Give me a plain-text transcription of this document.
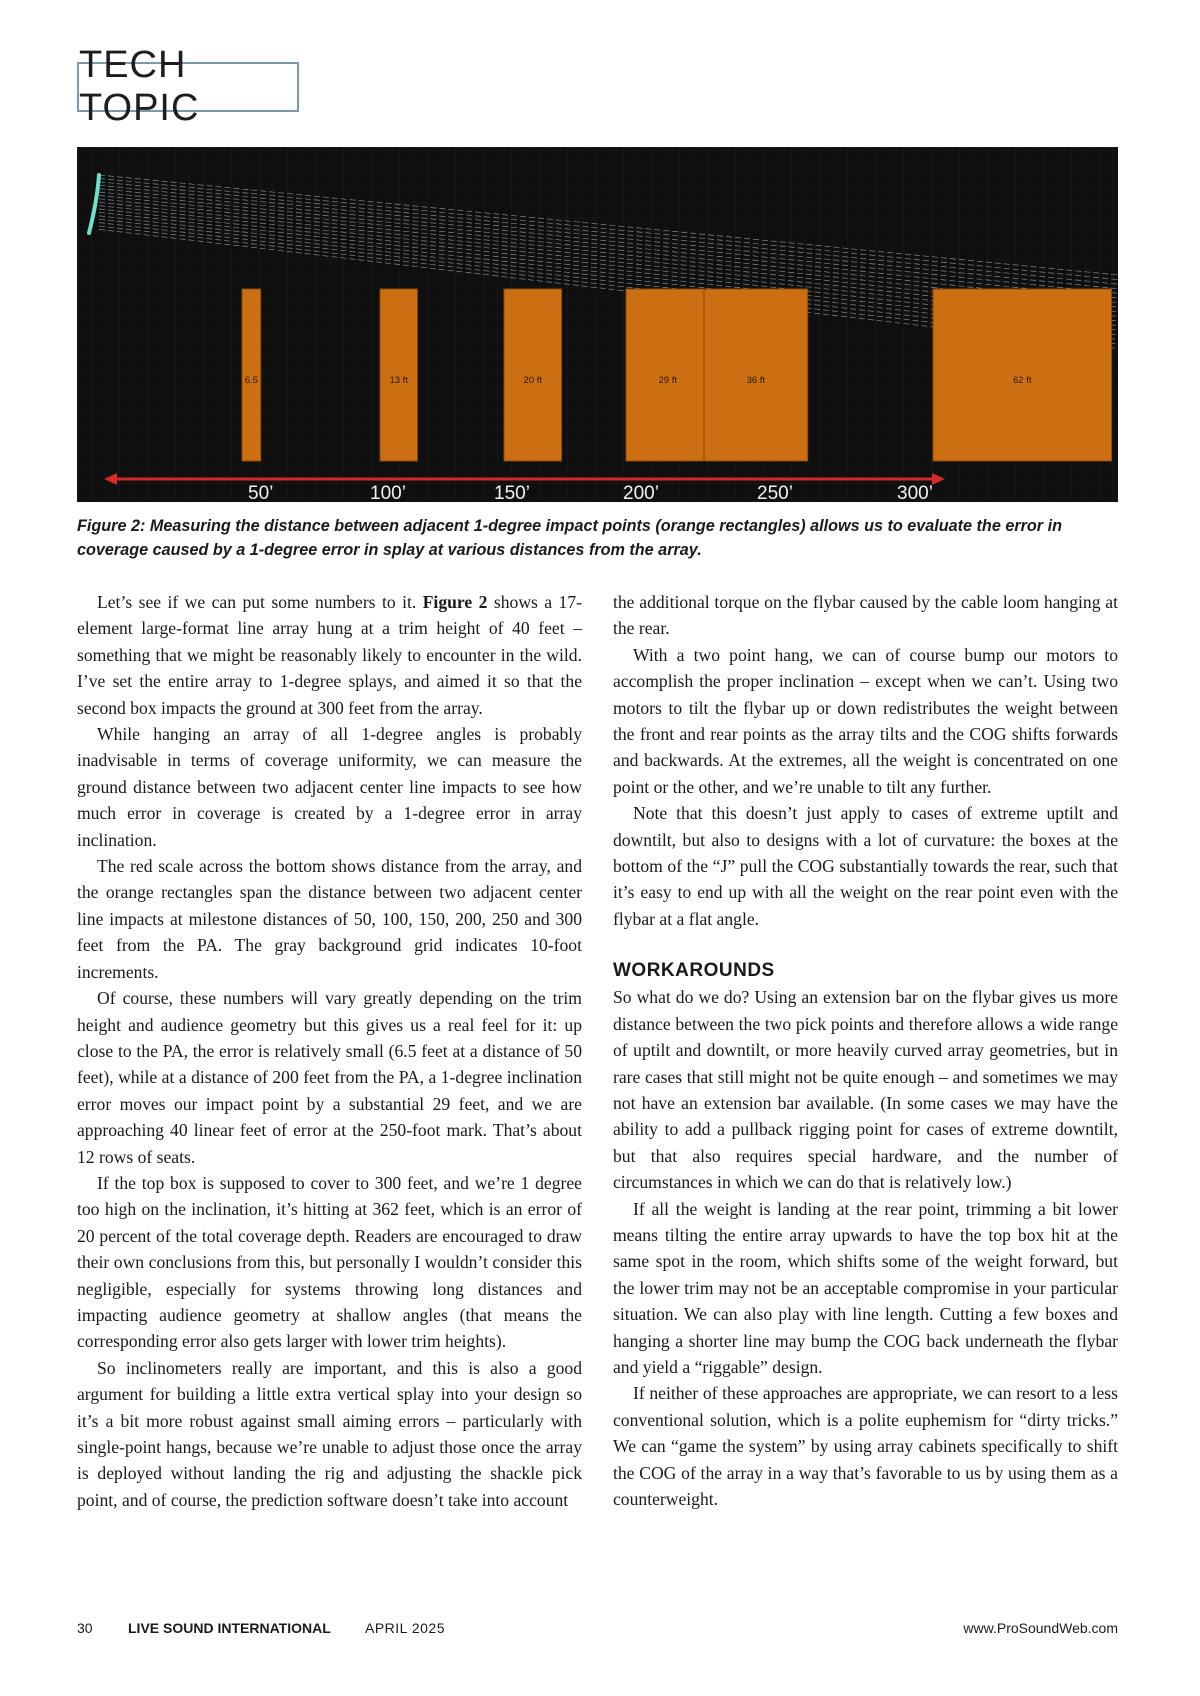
TECH TOPIC
6.5	13 ft	20 ft	29 ft	36 ft	62 ft
50’	100’	150’	200’	250’	300’

Figure 2: Measuring the distance between adjacent 1-degree impact points (orange rectangles) allows us to evaluate the error in coverage caused by a 1-degree error in splay at various distances from the array.

Let’s see if we can put some numbers to it. Figure 2 shows a 17-element large-format line array hung at a trim height of 40 feet – something that we might be reasonably likely to encounter in the wild. I’ve set the entire array to 1-degree splays, and aimed it so that the second box impacts the ground at 300 feet from the array.

While hanging an array of all 1-degree angles is probably inadvisable in terms of coverage uniformity, we can measure the ground distance between two adjacent center line impacts to see how much error in coverage is created by a 1-degree error in array inclination.

The red scale across the bottom shows distance from the array, and the orange rectangles span the distance between two adjacent center line impacts at milestone distances of 50, 100, 150, 200, 250 and 300 feet from the PA. The gray background grid indicates 10-foot increments.

Of course, these numbers will vary greatly depending on the trim height and audience geometry but this gives us a real feel for it: up close to the PA, the error is relatively small (6.5 feet at a distance of 50 feet), while at a distance of 200 feet from the PA, a 1-degree inclination error moves our impact point by a substantial 29 feet, and we are approaching 40 linear feet of error at the 250-foot mark. That’s about 12 rows of seats.

If the top box is supposed to cover to 300 feet, and we’re 1 degree too high on the inclination, it’s hitting at 362 feet, which is an error of 20 percent of the total coverage depth. Readers are encouraged to draw their own conclusions from this, but personally I wouldn’t consider this negligible, especially for systems throwing long distances and impacting audience geometry at shallow angles (that means the corresponding error also gets larger with lower trim heights).

So inclinometers really are important, and this is also a good argument for building a little extra vertical splay into your design so it’s a bit more robust against small aiming errors – particularly with single-point hangs, because we’re unable to adjust those once the array is deployed without landing the rig and adjusting the shackle pick point, and of course, the prediction software doesn’t take into account

the additional torque on the flybar caused by the cable loom hanging at the rear.

With a two point hang, we can of course bump our motors to accomplish the proper inclination – except when we can’t. Using two motors to tilt the flybar up or down redistributes the weight between the front and rear points as the array tilts and the COG shifts forwards and backwards. At the extremes, all the weight is concentrated on one point or the other, and we’re unable to tilt any further.

Note that this doesn’t just apply to cases of extreme uptilt and downtilt, but also to designs with a lot of curvature: the boxes at the bottom of the “J” pull the COG substantially towards the rear, such that it’s easy to end up with all the weight on the rear point even with the flybar at a flat angle.

WORKAROUNDS

So what do we do? Using an extension bar on the flybar gives us more distance between the two pick points and therefore allows a wide range of uptilt and downtilt, or more heavily curved array geometries, but in rare cases that still might not be quite enough – and sometimes we may not have an extension bar available. (In some cases we may have the ability to add a pullback rigging point for cases of extreme downtilt, but that also requires special hardware, and the number of circumstances in which we can do that is relatively low.)

If all the weight is landing at the rear point, trimming a bit lower means tilting the entire array upwards to have the top box hit at the same spot in the room, which shifts some of the weight forward, but the lower trim may not be an acceptable compromise in your particular situation. We can also play with line length. Cutting a few boxes and hanging a shorter line may bump the COG back underneath the flybar and yield a “riggable” design.

If neither of these approaches are appropriate, we can resort to a less conventional solution, which is a polite euphemism for “dirty tricks.” We can “game the system” by using array cabinets specifically to shift the COG of the array in a way that’s favorable to us by using them as a counterweight.

30	LIVE SOUND INTERNATIONAL APRIL 2025	www.ProSoundWeb.com
